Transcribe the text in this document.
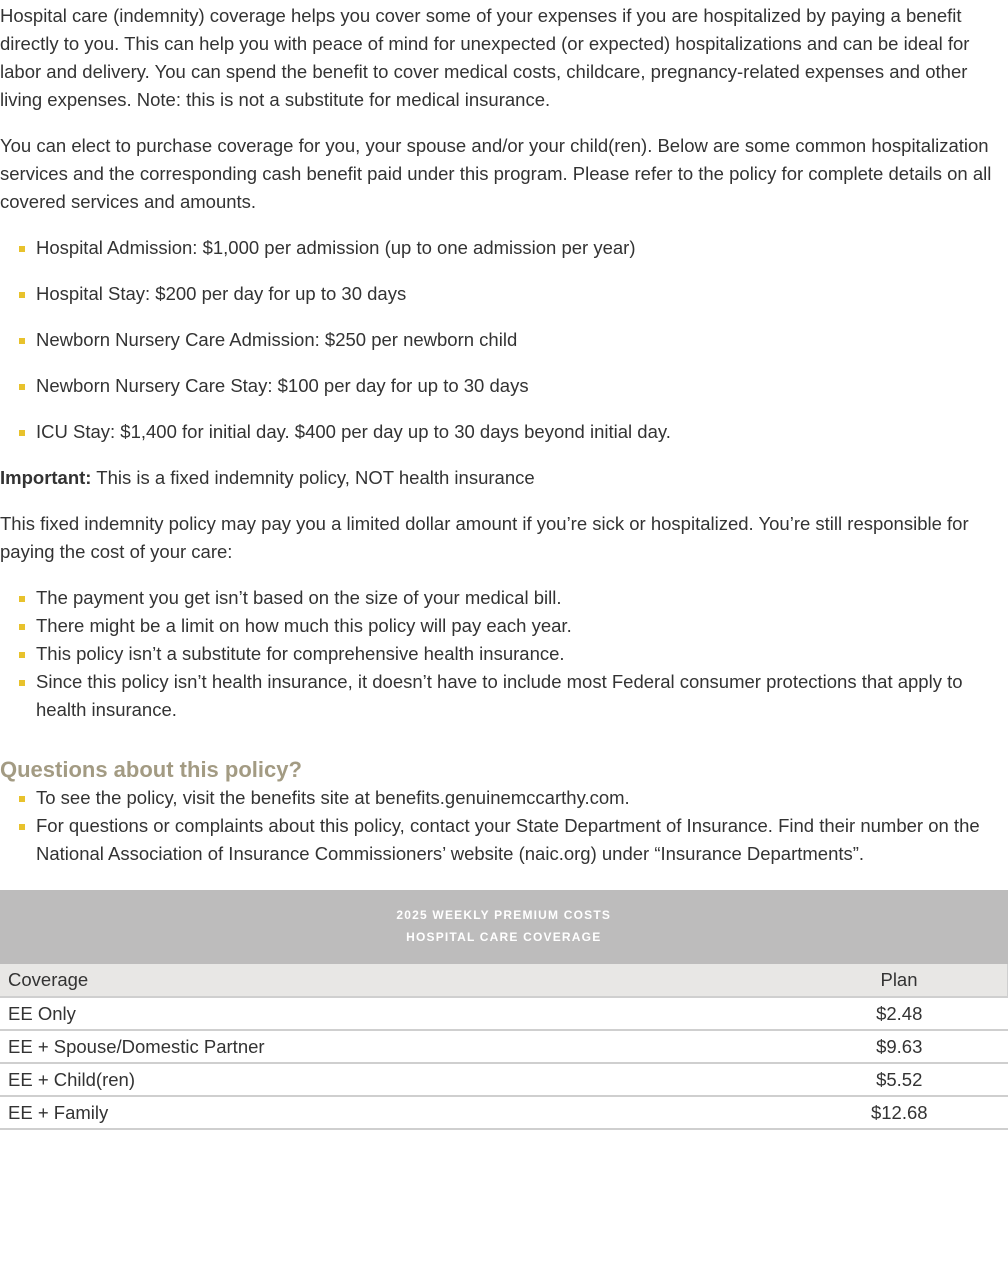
Hospital care (indemnity) coverage helps you cover some of your expenses if you are hospitalized by paying a benefit directly to you. This can help you with peace of mind for unexpected (or expected) hospitalizations and can be ideal for labor and delivery. You can spend the benefit to cover medical costs, childcare, pregnancy-related expenses and other living expenses. Note: this is not a substitute for medical insurance.

You can elect to purchase coverage for you, your spouse and/or your child(ren). Below are some common hospitalization services and the corresponding cash benefit paid under this program. Please refer to the policy for complete details on all covered services and amounts.

Hospital Admission: $1,000 per admission (up to one admission per year)
Hospital Stay: $200 per day for up to 30 days
Newborn Nursery Care Admission: $250 per newborn child
Newborn Nursery Care Stay: $100 per day for up to 30 days
ICU Stay: $1,400 for initial day. $400 per day up to 30 days beyond initial day.

Important: This is a fixed indemnity policy, NOT health insurance

This fixed indemnity policy may pay you a limited dollar amount if you’re sick or hospitalized. You’re still responsible for paying the cost of your care:

The payment you get isn’t based on the size of your medical bill.
There might be a limit on how much this policy will pay each year.
This policy isn’t a substitute for comprehensive health insurance.
Since this policy isn’t health insurance, it doesn’t have to include most Federal consumer protections that apply to health insurance.
Questions about this policy?
To see the policy, visit the benefits site at benefits.genuinemccarthy.com.
For questions or complaints about this policy, contact your State Department of Insurance. Find their number on the National Association of Insurance Commissioners’ website (naic.org) under “Insurance Departments”.
2025 WEEKLY PREMIUM COSTS
HOSPITAL CARE COVERAGE	

Coverage	Plan
EE Only	$2.48
EE + Spouse/Domestic Partner	$9.63
EE + Child(ren)	$5.52
EE + Family	$12.68
